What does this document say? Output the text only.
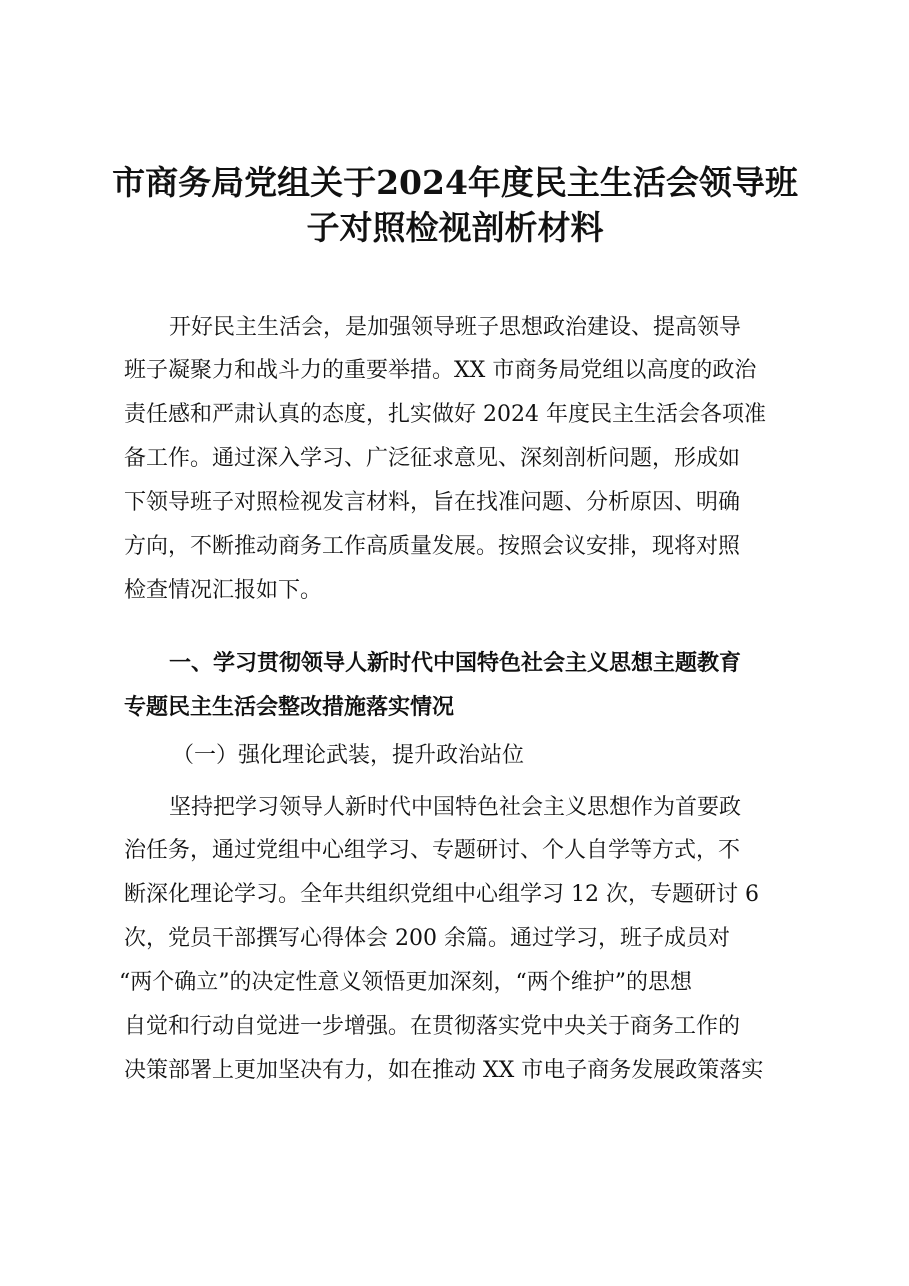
市商务局党组关于2024年度民主生活会领导班
子对照检视剖析材料
开好民主生活会，是加强领导班子思想政治建设、提高领导
班子凝聚力和战斗力的重要举措。XX 市商务局党组以高度的政治
责任感和严肃认真的态度，扎实做好 2024 年度民主生活会各项准
备工作。通过深入学习、广泛征求意见、深刻剖析问题，形成如
下领导班子对照检视发言材料，旨在找准问题、分析原因、明确
方向，不断推动商务工作高质量发展。按照会议安排，现将对照
检查情况汇报如下。
一、学习贯彻领导人新时代中国特色社会主义思想主题教育
专题民主生活会整改措施落实情况
（一）强化理论武装，提升政治站位
坚持把学习领导人新时代中国特色社会主义思想作为首要政
治任务，通过党组中心组学习、专题研讨、个人自学等方式，不
断深化理论学习。全年共组织党组中心组学习 12 次，专题研讨 6
次，党员干部撰写心得体会 200 余篇。通过学习，班子成员对
“两个确立”的决定性意义领悟更加深刻，“两个维护”的思想
自觉和行动自觉进一步增强。在贯彻落实党中央关于商务工作的
决策部署上更加坚决有力，如在推动 XX 市电子商务发展政策落实
